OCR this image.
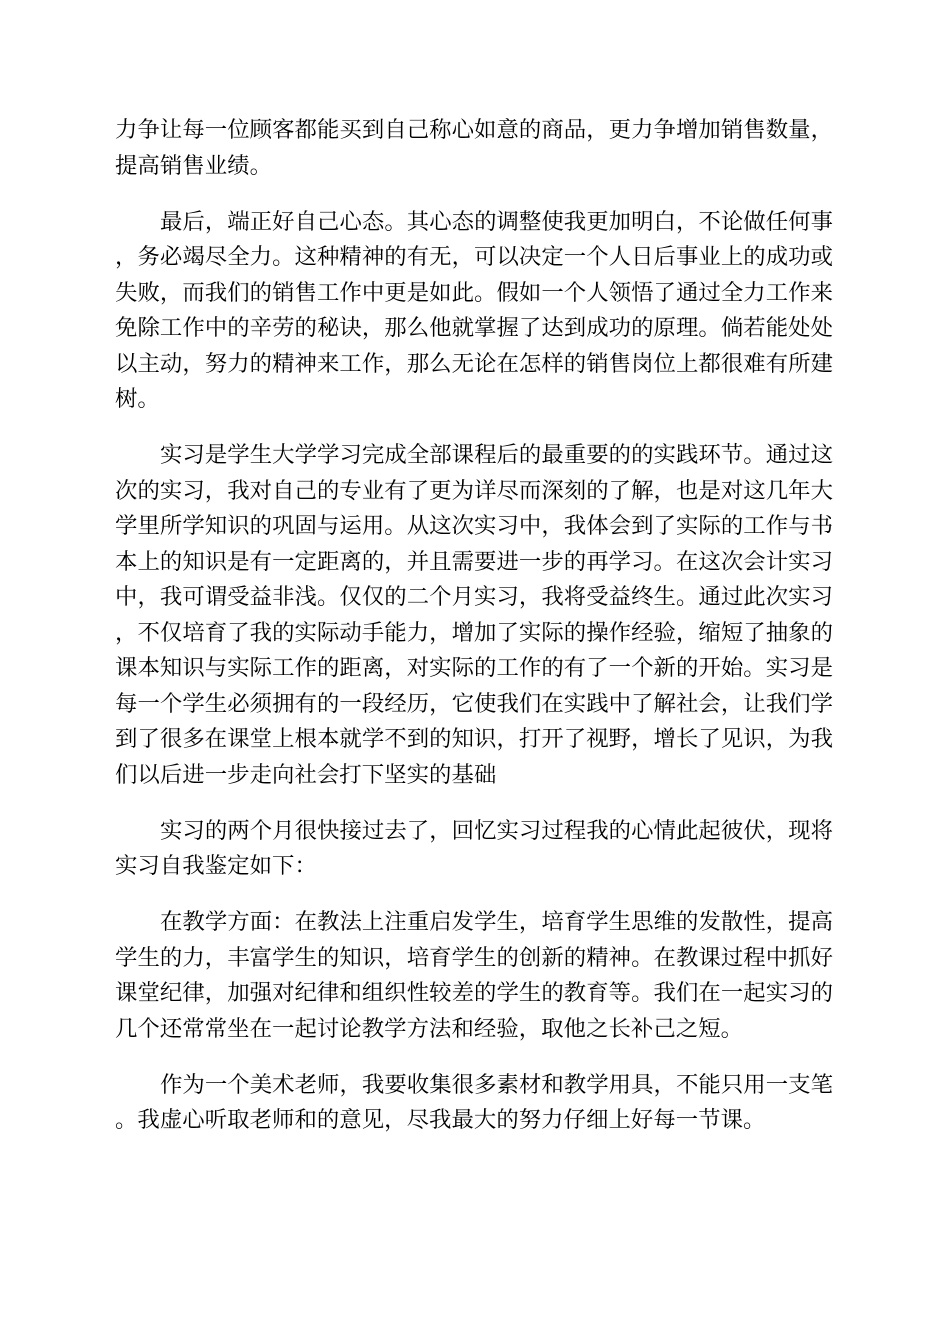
力争让每一位顾客都能买到自己称心如意的商品，更力争增加销售数量，提高销售业绩。

最后，端正好自己心态。其心态的调整使我更加明白，不论做任何事，务必竭尽全力。这种精神的有无，可以决定一个人日后事业上的成功或失败，而我们的销售工作中更是如此。假如一个人领悟了通过全力工作来免除工作中的辛劳的秘诀，那么他就掌握了达到成功的原理。倘若能处处以主动，努力的精神来工作，那么无论在怎样的销售岗位上都很难有所建树。

实习是学生大学学习完成全部课程后的最重要的的实践环节。通过这次的实习，我对自己的专业有了更为详尽而深刻的了解，也是对这几年大学里所学知识的巩固与运用。从这次实习中，我体会到了实际的工作与书本上的知识是有一定距离的，并且需要进一步的再学习。在这次会计实习中，我可谓受益非浅。仅仅的二个月实习，我将受益终生。通过此次实习，不仅培育了我的实际动手能力，增加了实际的操作经验，缩短了抽象的课本知识与实际工作的距离，对实际的工作的有了一个新的开始。实习是每一个学生必须拥有的一段经历，它使我们在实践中了解社会，让我们学到了很多在课堂上根本就学不到的知识，打开了视野，增长了见识，为我们以后进一步走向社会打下坚实的基础

实习的两个月很快接过去了，回忆实习过程我的心情此起彼伏，现将实习自我鉴定如下：

在教学方面：在教法上注重启发学生，培育学生思维的发散性，提高学生的力，丰富学生的知识，培育学生的创新的精神。在教课过程中抓好课堂纪律，加强对纪律和组织性较差的学生的教育等。我们在一起实习的几个还常常坐在一起讨论教学方法和经验，取他之长补己之短。

作为一个美术老师，我要收集很多素材和教学用具，不能只用一支笔。我虚心听取老师和的意见，尽我最大的努力仔细上好每一节课。
